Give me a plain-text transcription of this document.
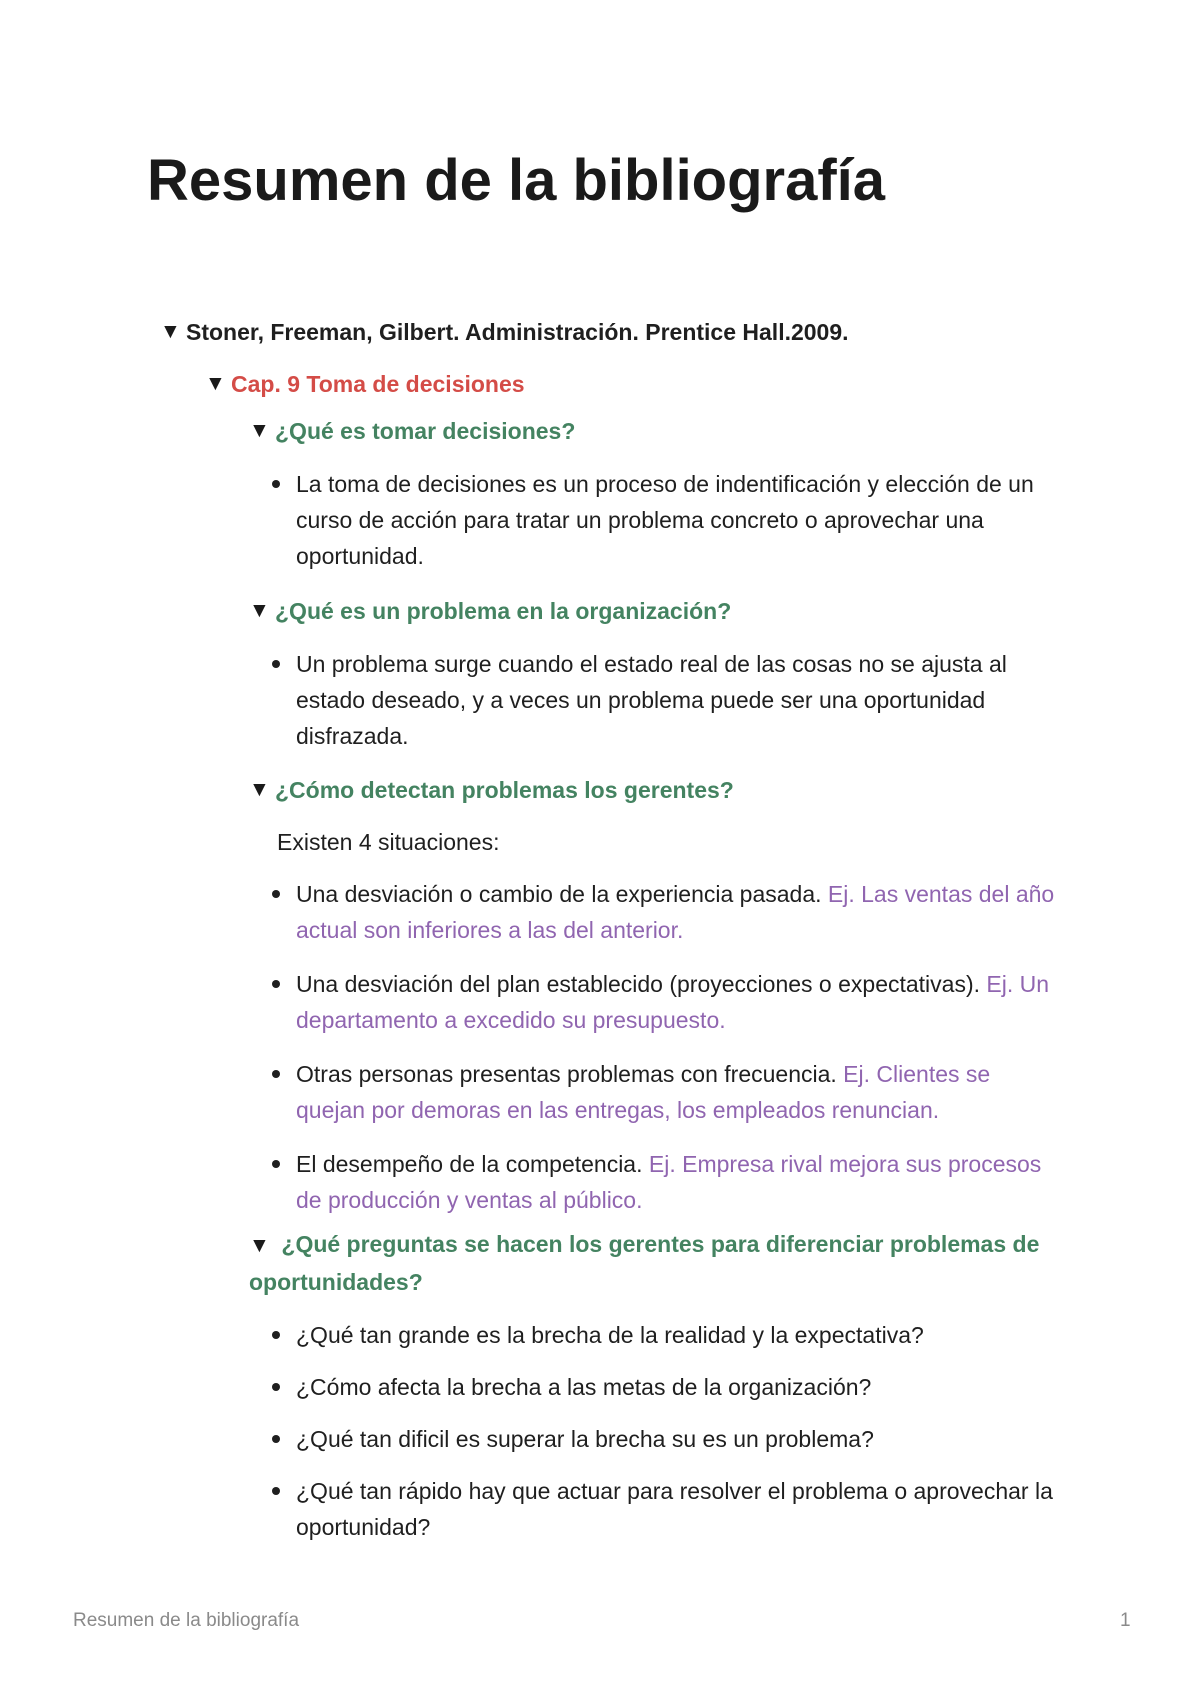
Resumen de la bibliografía
▼ Stoner, Freeman, Gilbert. Administración. Prentice Hall.2009.
▼ Cap. 9 Toma de decisiones
▼ ¿Qué es tomar decisiones?
La toma de decisiones es un proceso de indentificación y elección de un curso de acción para tratar un problema concreto o aprovechar una oportunidad.
▼ ¿Qué es un problema en la organización?
Un problema surge cuando el estado real de las cosas no se ajusta al estado deseado, y a veces un problema puede ser una oportunidad disfrazada.
▼ ¿Cómo detectan problemas los gerentes?
Existen 4 situaciones:
Una desviación o cambio de la experiencia pasada. Ej. Las ventas del año actual son inferiores a las del anterior.
Una desviación del plan establecido (proyecciones o expectativas). Ej. Un departamento a excedido su presupuesto.
Otras personas presentas problemas con frecuencia. Ej. Clientes se quejan por demoras en las entregas, los empleados renuncian.
El desempeño de la competencia. Ej. Empresa rival mejora sus procesos de producción y ventas al público.
▼ ¿Qué preguntas se hacen los gerentes para diferenciar problemas de oportunidades?
¿Qué tan grande es la brecha de la realidad y la expectativa?
¿Cómo afecta la brecha a las metas de la organización?
¿Qué tan dificil es superar la brecha su es un problema?
¿Qué tan rápido hay que actuar para resolver el problema o aprovechar la oportunidad?
Resumen de la bibliografía	1
